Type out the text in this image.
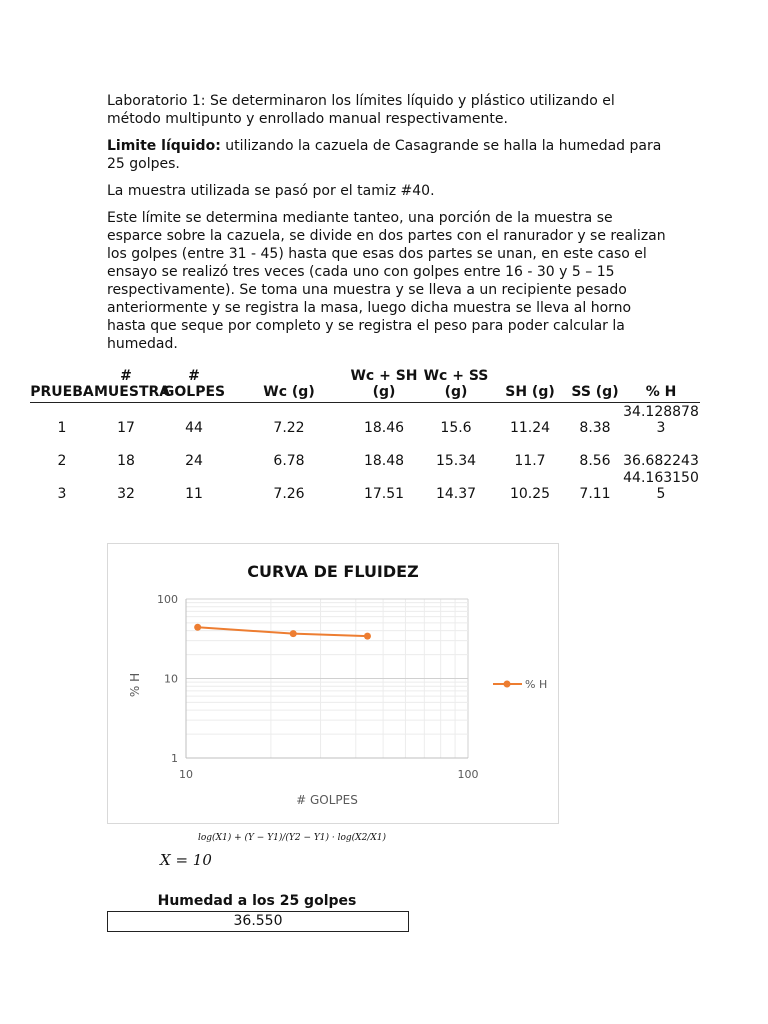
Laboratorio 1: Se determinaron los límites líquido y plástico utilizando el método multipunto y enrollado manual respectivamente.

Limite líquido: utilizando la cazuela de Casagrande se halla la humedad para 25 golpes.

La muestra utilizada se pasó por el tamiz #40.

Este límite se determina mediante tanteo, una porción de la muestra se esparce sobre la cazuela, se divide en dos partes con el ranurador y se realizan los golpes (entre 31 - 45) hasta que esas dos partes se unan, en este caso el ensayo se realizó tres veces (cada uno con golpes entre 16 - 30 y 5 – 15 respectivamente). Se toma una muestra y se lleva a un recipiente pesado anteriormente y se registra la masa, luego dicha muestra se lleva al horno hasta que seque por completo y se registra el peso para poder calcular la humedad.

PRUEBA	# MUESTRA	# GOLPES	Wc (g)	Wc + SH (g)	Wc + SS (g)	SH (g)	SS (g)	% H
1	17	44	7.22	18.46	15.6	11.24	8.38	34.1288783
2	18	24	6.78	18.48	15.34	11.7	8.56	36.682243
3	32	11	7.26	17.51	14.37	10.25	7.11	44.1631505
CURVA DE FLUIDEZ
10	100
1
10
100
# GOLPES
% H	% H
X = 10
log(X1) + (Y − Y1)/(Y2 − Y1) · log(X2/X1)
Humedad a los 25 golpes
36.550
